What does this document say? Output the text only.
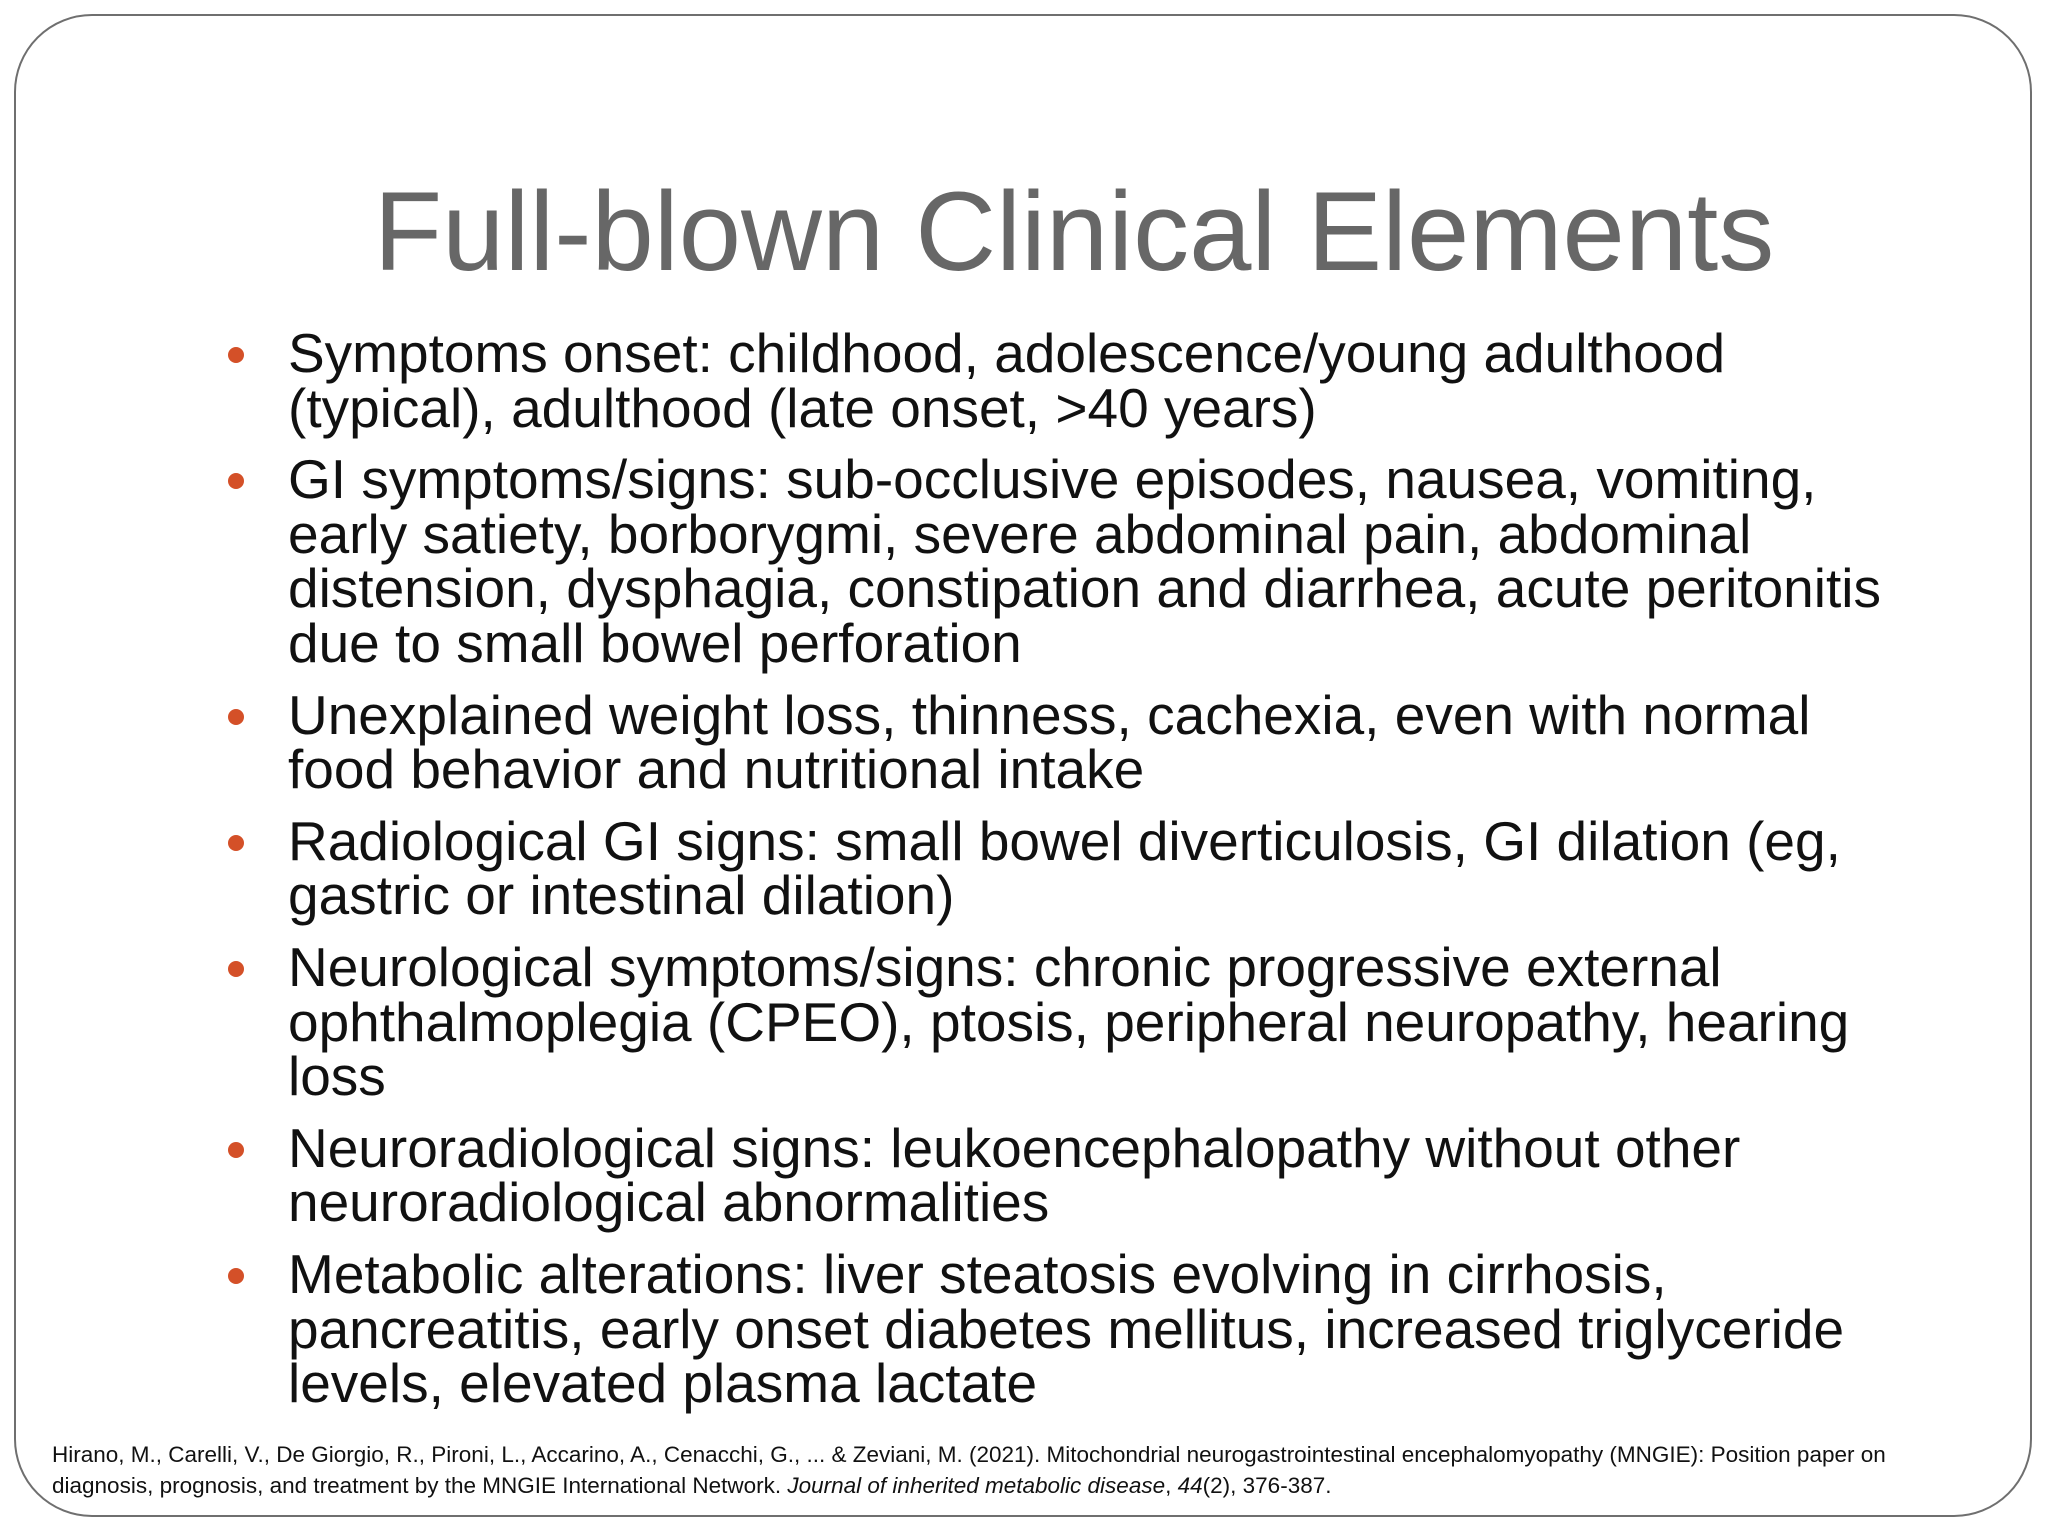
Full-blown Clinical Elements
Symptoms onset: childhood, adolescence/young adulthood (typical), adulthood (late onset, >40 years)
GI symptoms/signs: sub-occlusive episodes, nausea, vomiting, early satiety, borborygmi, severe abdominal pain, abdominal distension, dysphagia, constipation and diarrhea, acute peritonitis due to small bowel perforation
Unexplained weight loss, thinness, cachexia, even with normal food behavior and nutritional intake
Radiological GI signs: small bowel diverticulosis, GI dilation (eg, gastric or intestinal dilation)
Neurological symptoms/signs: chronic progressive external ophthalmoplegia (CPEO), ptosis, peripheral neuropathy, hearing loss
Neuroradiological signs: leukoencephalopathy without other neuroradiological abnormalities
Metabolic alterations: liver steatosis evolving in cirrhosis, pancreatitis, early onset diabetes mellitus, increased triglyceride levels, elevated plasma lactate
Hirano, M., Carelli, V., De Giorgio, R., Pironi, L., Accarino, A., Cenacchi, G., ... & Zeviani, M. (2021). Mitochondrial neurogastrointestinal encephalomyopathy (MNGIE): Position paper on diagnosis, prognosis, and treatment by the MNGIE International Network. Journal of inherited metabolic disease, 44(2), 376-387.
